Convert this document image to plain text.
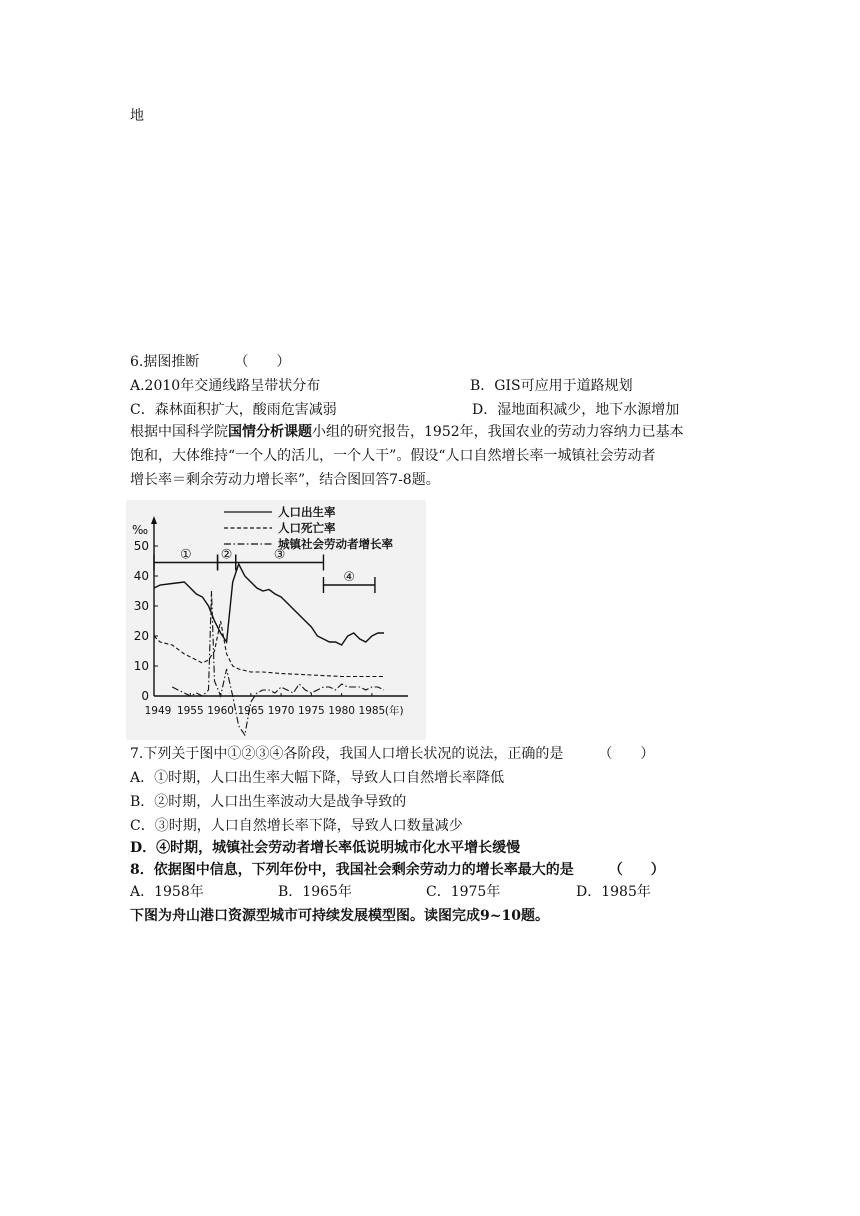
地
6.据图推断　　　（　　）
A.2010年交通线路呈带状分布	B．GIS可应用于道路规划
C．森林面积扩大，酸雨危害减弱	D．湿地面积减少，地下水源增加
根据中国科学院国情分析课题小组的研究报告，1952年，我国农业的劳动力容纳力已基本
饱和，大体维持“一个人的活儿，一个人干”。假设“人口自然增长率一城镇社会劳动者
增长率＝剩余劳动力增长率”，结合图回答7-8题。
‰
0
10
20
30
40
50
1949 1955 1960 1965 1970 1975 1980 1985 (年)
① ②	③
④
人口出生率
人口死亡率
城镇社会劳动者增长率
7.下列关于图中①②③④各阶段，我国人口增长状况的说法，正确的是　　　（　　）
A．①时期，人口出生率大幅下降，导致人口自然增长率降低
B．②时期，人口出生率波动大是战争导致的
C．③时期，人口自然增长率下降，导致人口数量减少
D．④时期，城镇社会劳动者增长率低说明城市化水平增长缓慢
8．依据图中信息，下列年份中，我国社会剩余劳动力的增长率最大的是　　　（　　）
A．1958年	B．1965年	C．1975年	D．1985年
下图为舟山港口资源型城市可持续发展模型图。读图完成9~10题。
